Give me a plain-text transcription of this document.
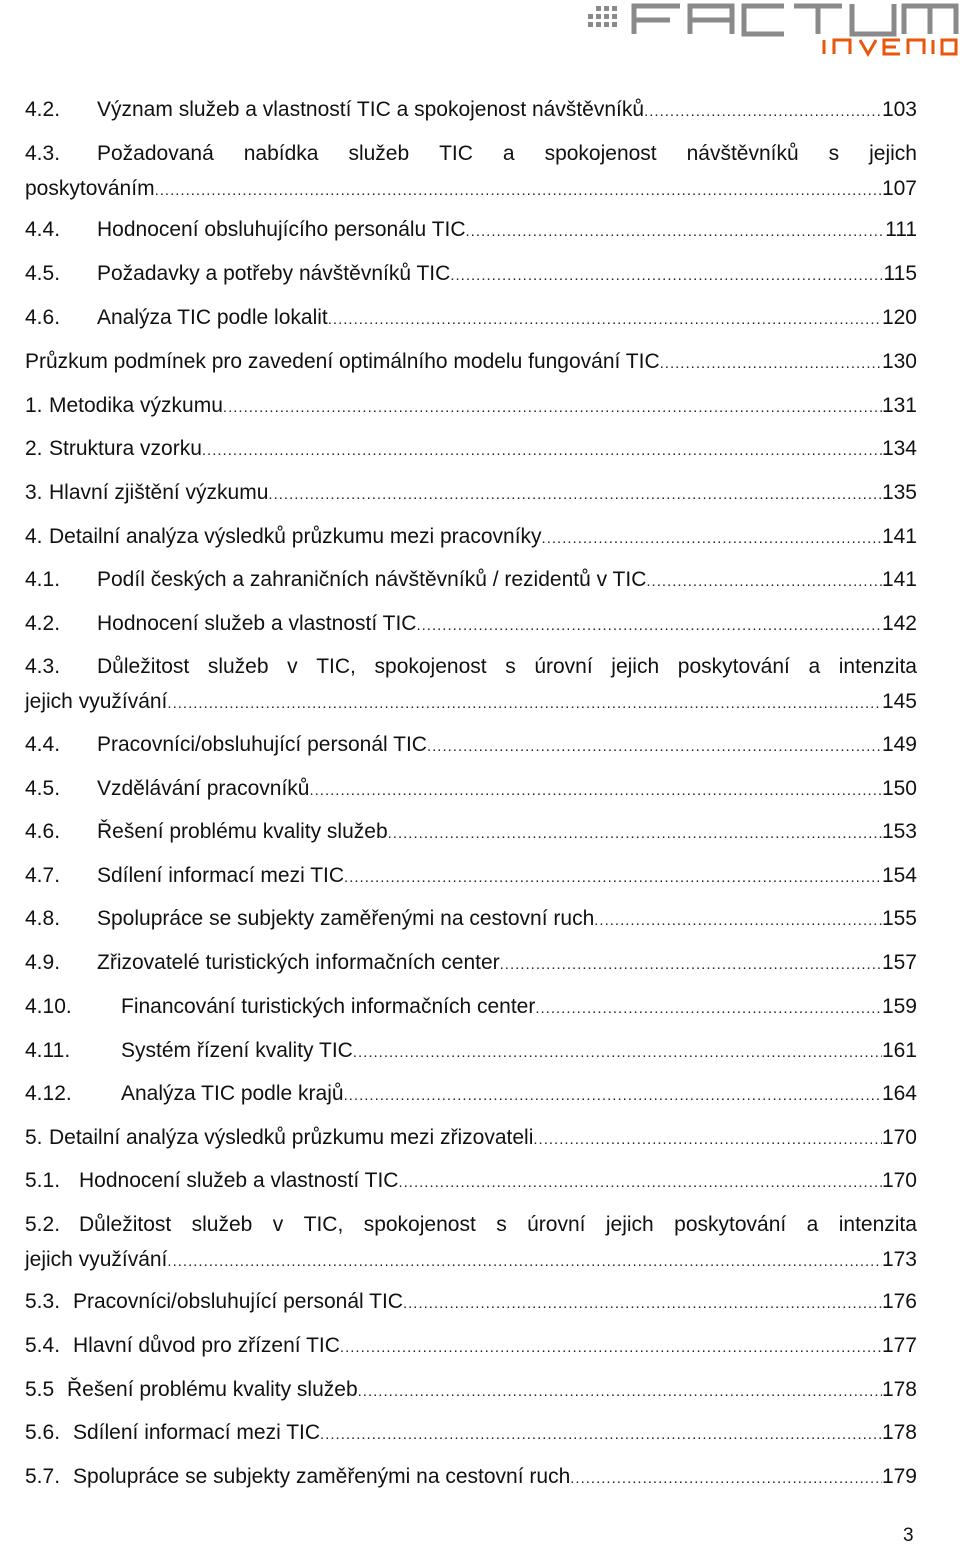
4.2.	Význam služeb a vlastností TIC a spokojenost návštěvníků .....	103
4.3.	Požadovaná nabídka služeb TIC a spokojenost návštěvníků s jejich
poskytováním .....	107
4.4.	Hodnocení obsluhujícího personálu TIC .....	111
4.5.	Požadavky a potřeby návštěvníků TIC .....	115
4.6.	Analýza TIC podle lokalit .....	120
Průzkum podmínek pro zavedení optimálního modelu fungování TIC .....	130
1. Metodika výzkumu .....	131
2. Struktura vzorku .....	134
3. Hlavní zjištění výzkumu .....	135
4. Detailní analýza výsledků průzkumu mezi pracovníky .....	141
4.1.	Podíl českých a zahraničních návštěvníků / rezidentů v TIC .....	141
4.2.	Hodnocení služeb a vlastností TIC .....	142
4.3.	Důležitost služeb v TIC, spokojenost s úrovní jejich poskytování a intenzita
jejich využívání .....	145
4.4.	Pracovníci/obsluhující personál TIC .....	149
4.5.	Vzdělávání pracovníků .....	150
4.6.	Řešení problému kvality služeb .....	153
4.7.	Sdílení informací mezi TIC .....	154
4.8.	Spolupráce se subjekty zaměřenými na cestovní ruch .....	155
4.9.	Zřizovatelé turistických informačních center .....	157
4.10.	Financování turistických informačních center .....	159
4.11.	Systém řízení kvality TIC .....	161
4.12.	Analýza TIC podle krajů .....	164
5. Detailní analýza výsledků průzkumu mezi zřizovateli .....	170
5.1. Hodnocení služeb a vlastností TIC .....	170
5.2. Důležitost služeb v TIC, spokojenost s úrovní jejich poskytování a intenzita
jejich využívání .....	173
5.3. Pracovníci/obsluhující personál TIC .....	176
5.4. Hlavní důvod pro zřízení TIC .....	177
5.5 Řešení problému kvality služeb .....	178
5.6. Sdílení informací mezi TIC .....	178
5.7. Spolupráce se subjekty zaměřenými na cestovní ruch .....	179
3
